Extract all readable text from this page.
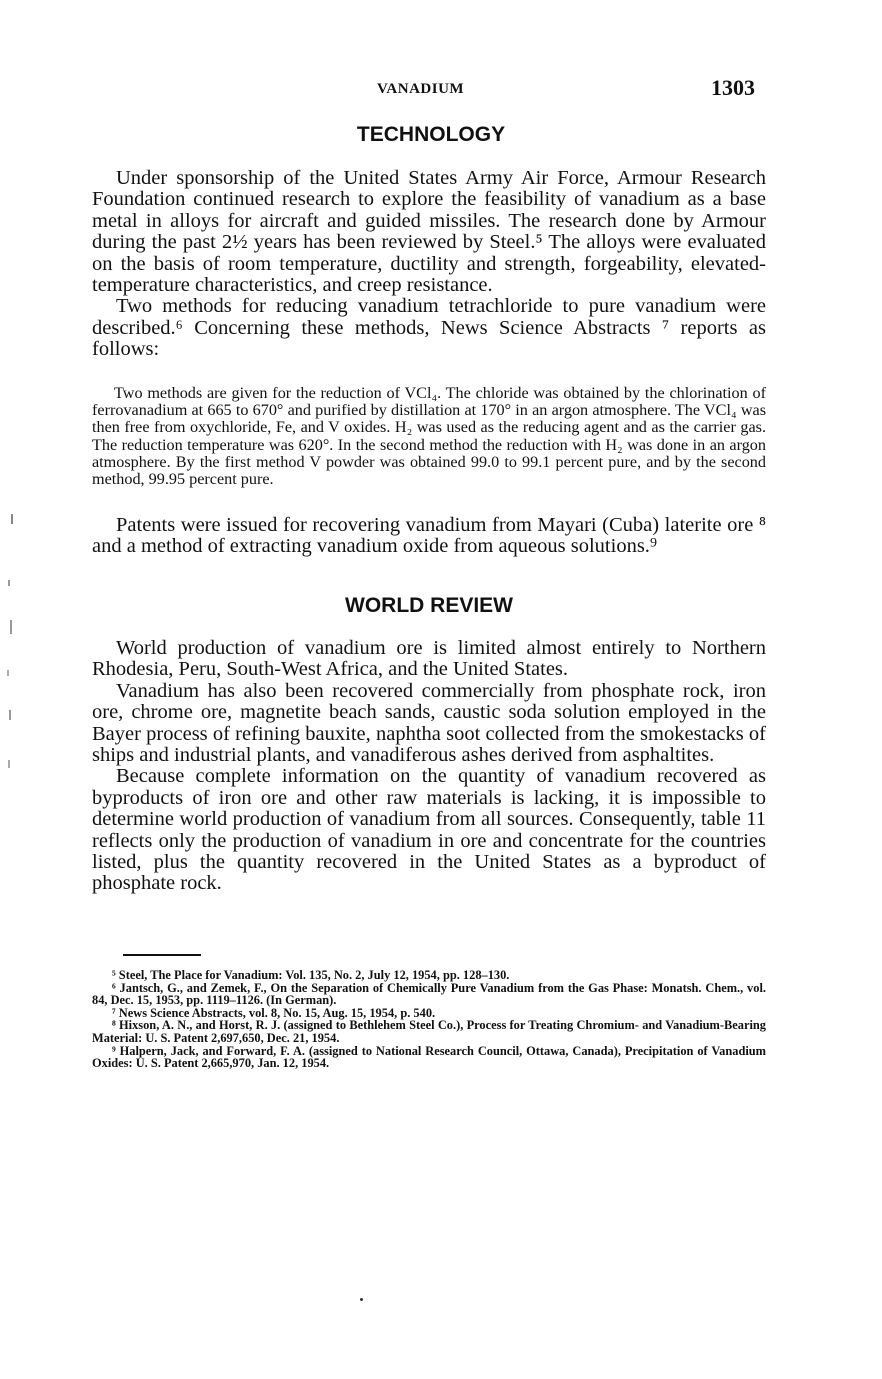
VANADIUM	1303
TECHNOLOGY

Under sponsorship of the United States Army Air Force, Armour Research Foundation continued research to explore the feasibility of vanadium as a base metal in alloys for aircraft and guided missiles. The research done by Armour during the past 2½ years has been reviewed by Steel.⁵ The alloys were evaluated on the basis of room temperature, ductility and strength, forgeability, elevated-temperature characteristics, and creep resistance.

Two methods for reducing vanadium tetrachloride to pure vanadium were described.⁶ Concerning these methods, News Science Abstracts ⁷ reports as follows:

Two methods are given for the reduction of VCl₄. The chloride was obtained by the chlorination of ferrovanadium at 665 to 670° and purified by distillation at 170° in an argon atmosphere. The VCl₄ was then free from oxychloride, Fe, and V oxides. H₂ was used as the reducing agent and as the carrier gas. The reduction temperature was 620°. In the second method the reduction with H₂ was done in an argon atmosphere. By the first method V powder was obtained 99.0 to 99.1 percent pure, and by the second method, 99.95 percent pure.

Patents were issued for recovering vanadium from Mayari (Cuba) laterite ore ⁸ and a method of extracting vanadium oxide from aqueous solutions.⁹

WORLD REVIEW

World production of vanadium ore is limited almost entirely to Northern Rhodesia, Peru, South-West Africa, and the United States.

Vanadium has also been recovered commercially from phosphate rock, iron ore, chrome ore, magnetite beach sands, caustic soda solution employed in the Bayer process of refining bauxite, naphtha soot collected from the smokestacks of ships and industrial plants, and vanadiferous ashes derived from asphaltites.

Because complete information on the quantity of vanadium recovered as byproducts of iron ore and other raw materials is lacking, it is impossible to determine world production of vanadium from all sources. Consequently, table 11 reflects only the production of vanadium in ore and concentrate for the countries listed, plus the quantity recovered in the United States as a byproduct of phosphate rock.

⁵ Steel, The Place for Vanadium: Vol. 135, No. 2, July 12, 1954, pp. 128–130.

⁶ Jantsch, G., and Zemek, F., On the Separation of Chemically Pure Vanadium from the Gas Phase: Monatsh. Chem., vol. 84, Dec. 15, 1953, pp. 1119–1126. (In German).

⁷ News Science Abstracts, vol. 8, No. 15, Aug. 15, 1954, p. 540.

⁸ Hixson, A. N., and Horst, R. J. (assigned to Bethlehem Steel Co.), Process for Treating Chromium- and Vanadium-Bearing Material: U. S. Patent 2,697,650, Dec. 21, 1954.

⁹ Halpern, Jack, and Forward, F. A. (assigned to National Research Council, Ottawa, Canada), Precipitation of Vanadium Oxides: U. S. Patent 2,665,970, Jan. 12, 1954.
